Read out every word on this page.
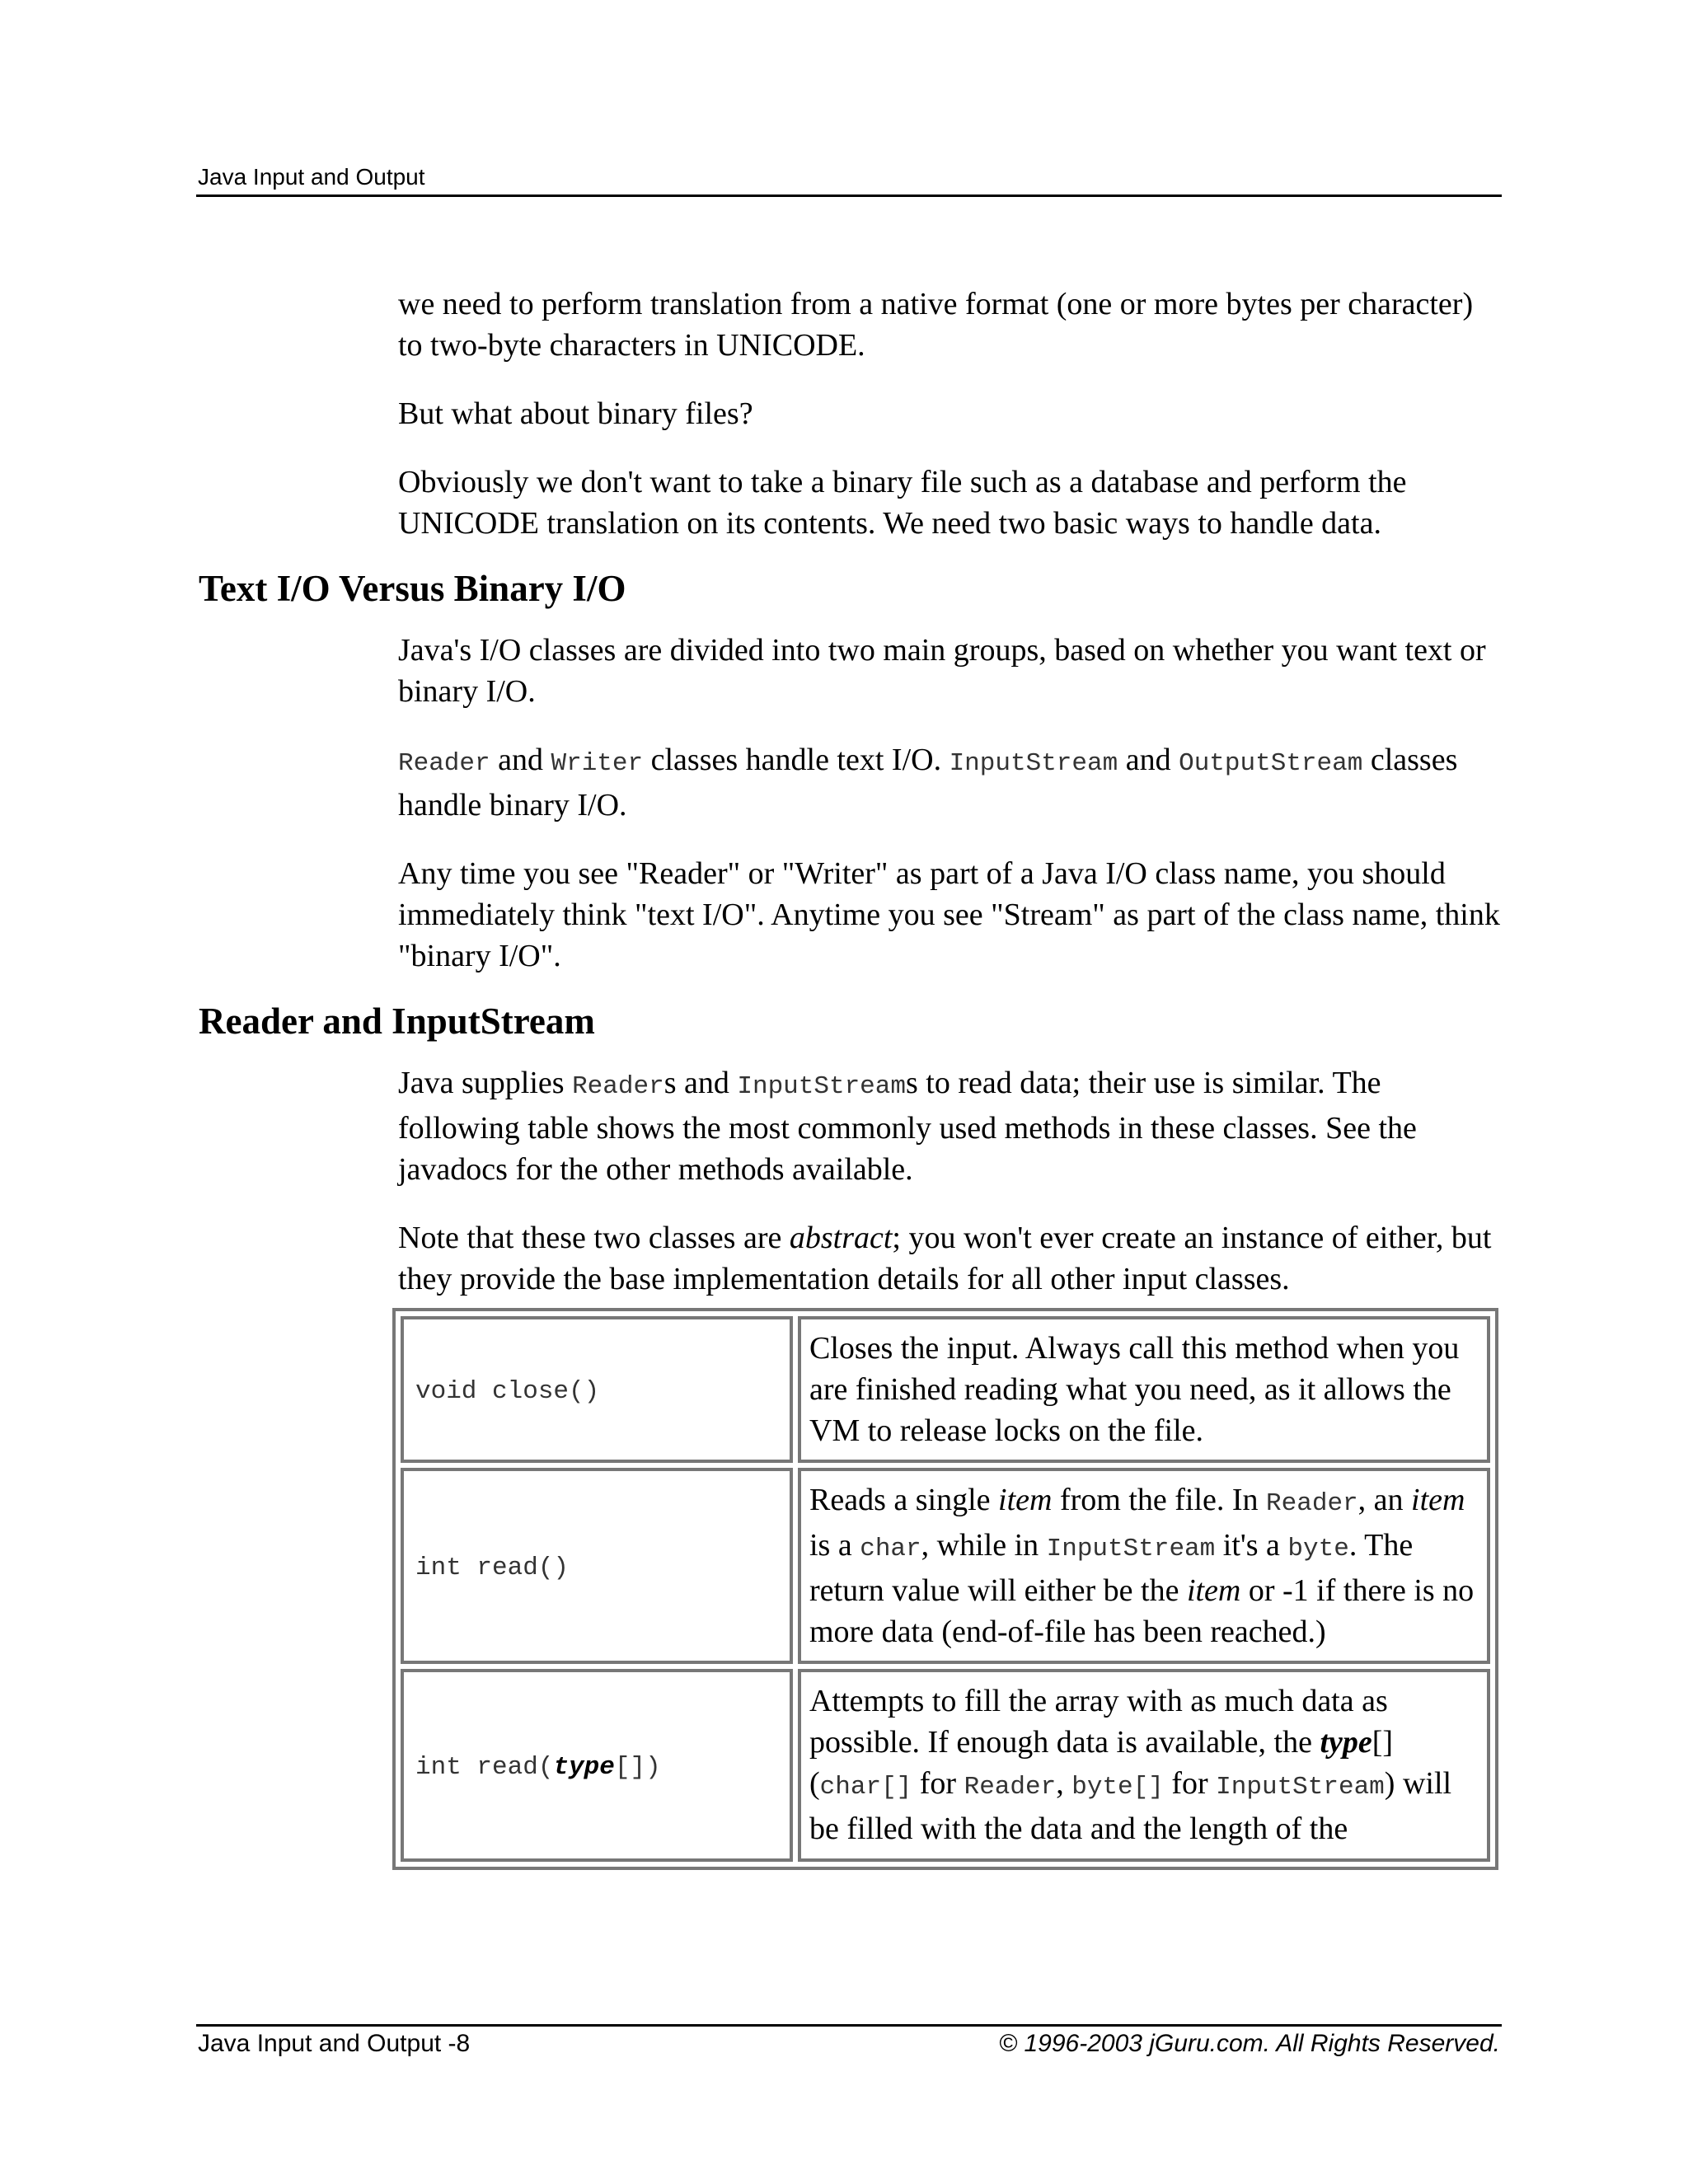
Java Input and Output

we need to perform translation from a native format (one or more bytes per character) to two-byte characters in UNICODE.

But what about binary files?

Obviously we don't want to take a binary file such as a database and perform the UNICODE translation on its contents. We need two basic ways to handle data.

Text I/O Versus Binary I/O

Java's I/O classes are divided into two main groups, based on whether you want text or binary I/O.

Reader and Writer classes handle text I/O. InputStream and OutputStream classes handle binary I/O.

Any time you see "Reader" or "Writer" as part of a Java I/O class name, you should immediately think "text I/O". Anytime you see "Stream" as part of the class name, think "binary I/O".

Reader and InputStream

Java supplies Readers and InputStreams to read data; their use is similar. The following table shows the most commonly used methods in these classes. See the javadocs for the other methods available.

Note that these two classes are abstract; you won't ever create an instance of either, but they provide the base implementation details for all other input classes.

void close()	Closes the input. Always call this method when you are finished reading what you need, as it allows the VM to release locks on the file.
int read()	Reads a single item from the file. In Reader, an item is a char, while in InputStream it's a byte. The return value will either be the item or -1 if there is no more data (end-of-file has been reached.)
int read(type[])	Attempts to fill the array with as much data as possible. If enough data is available, the type[] (char[] for Reader, byte[] for InputStream) will be filled with the data and the length of the
Java Input and Output -8	© 1996-2003 jGuru.com. All Rights Reserved.
